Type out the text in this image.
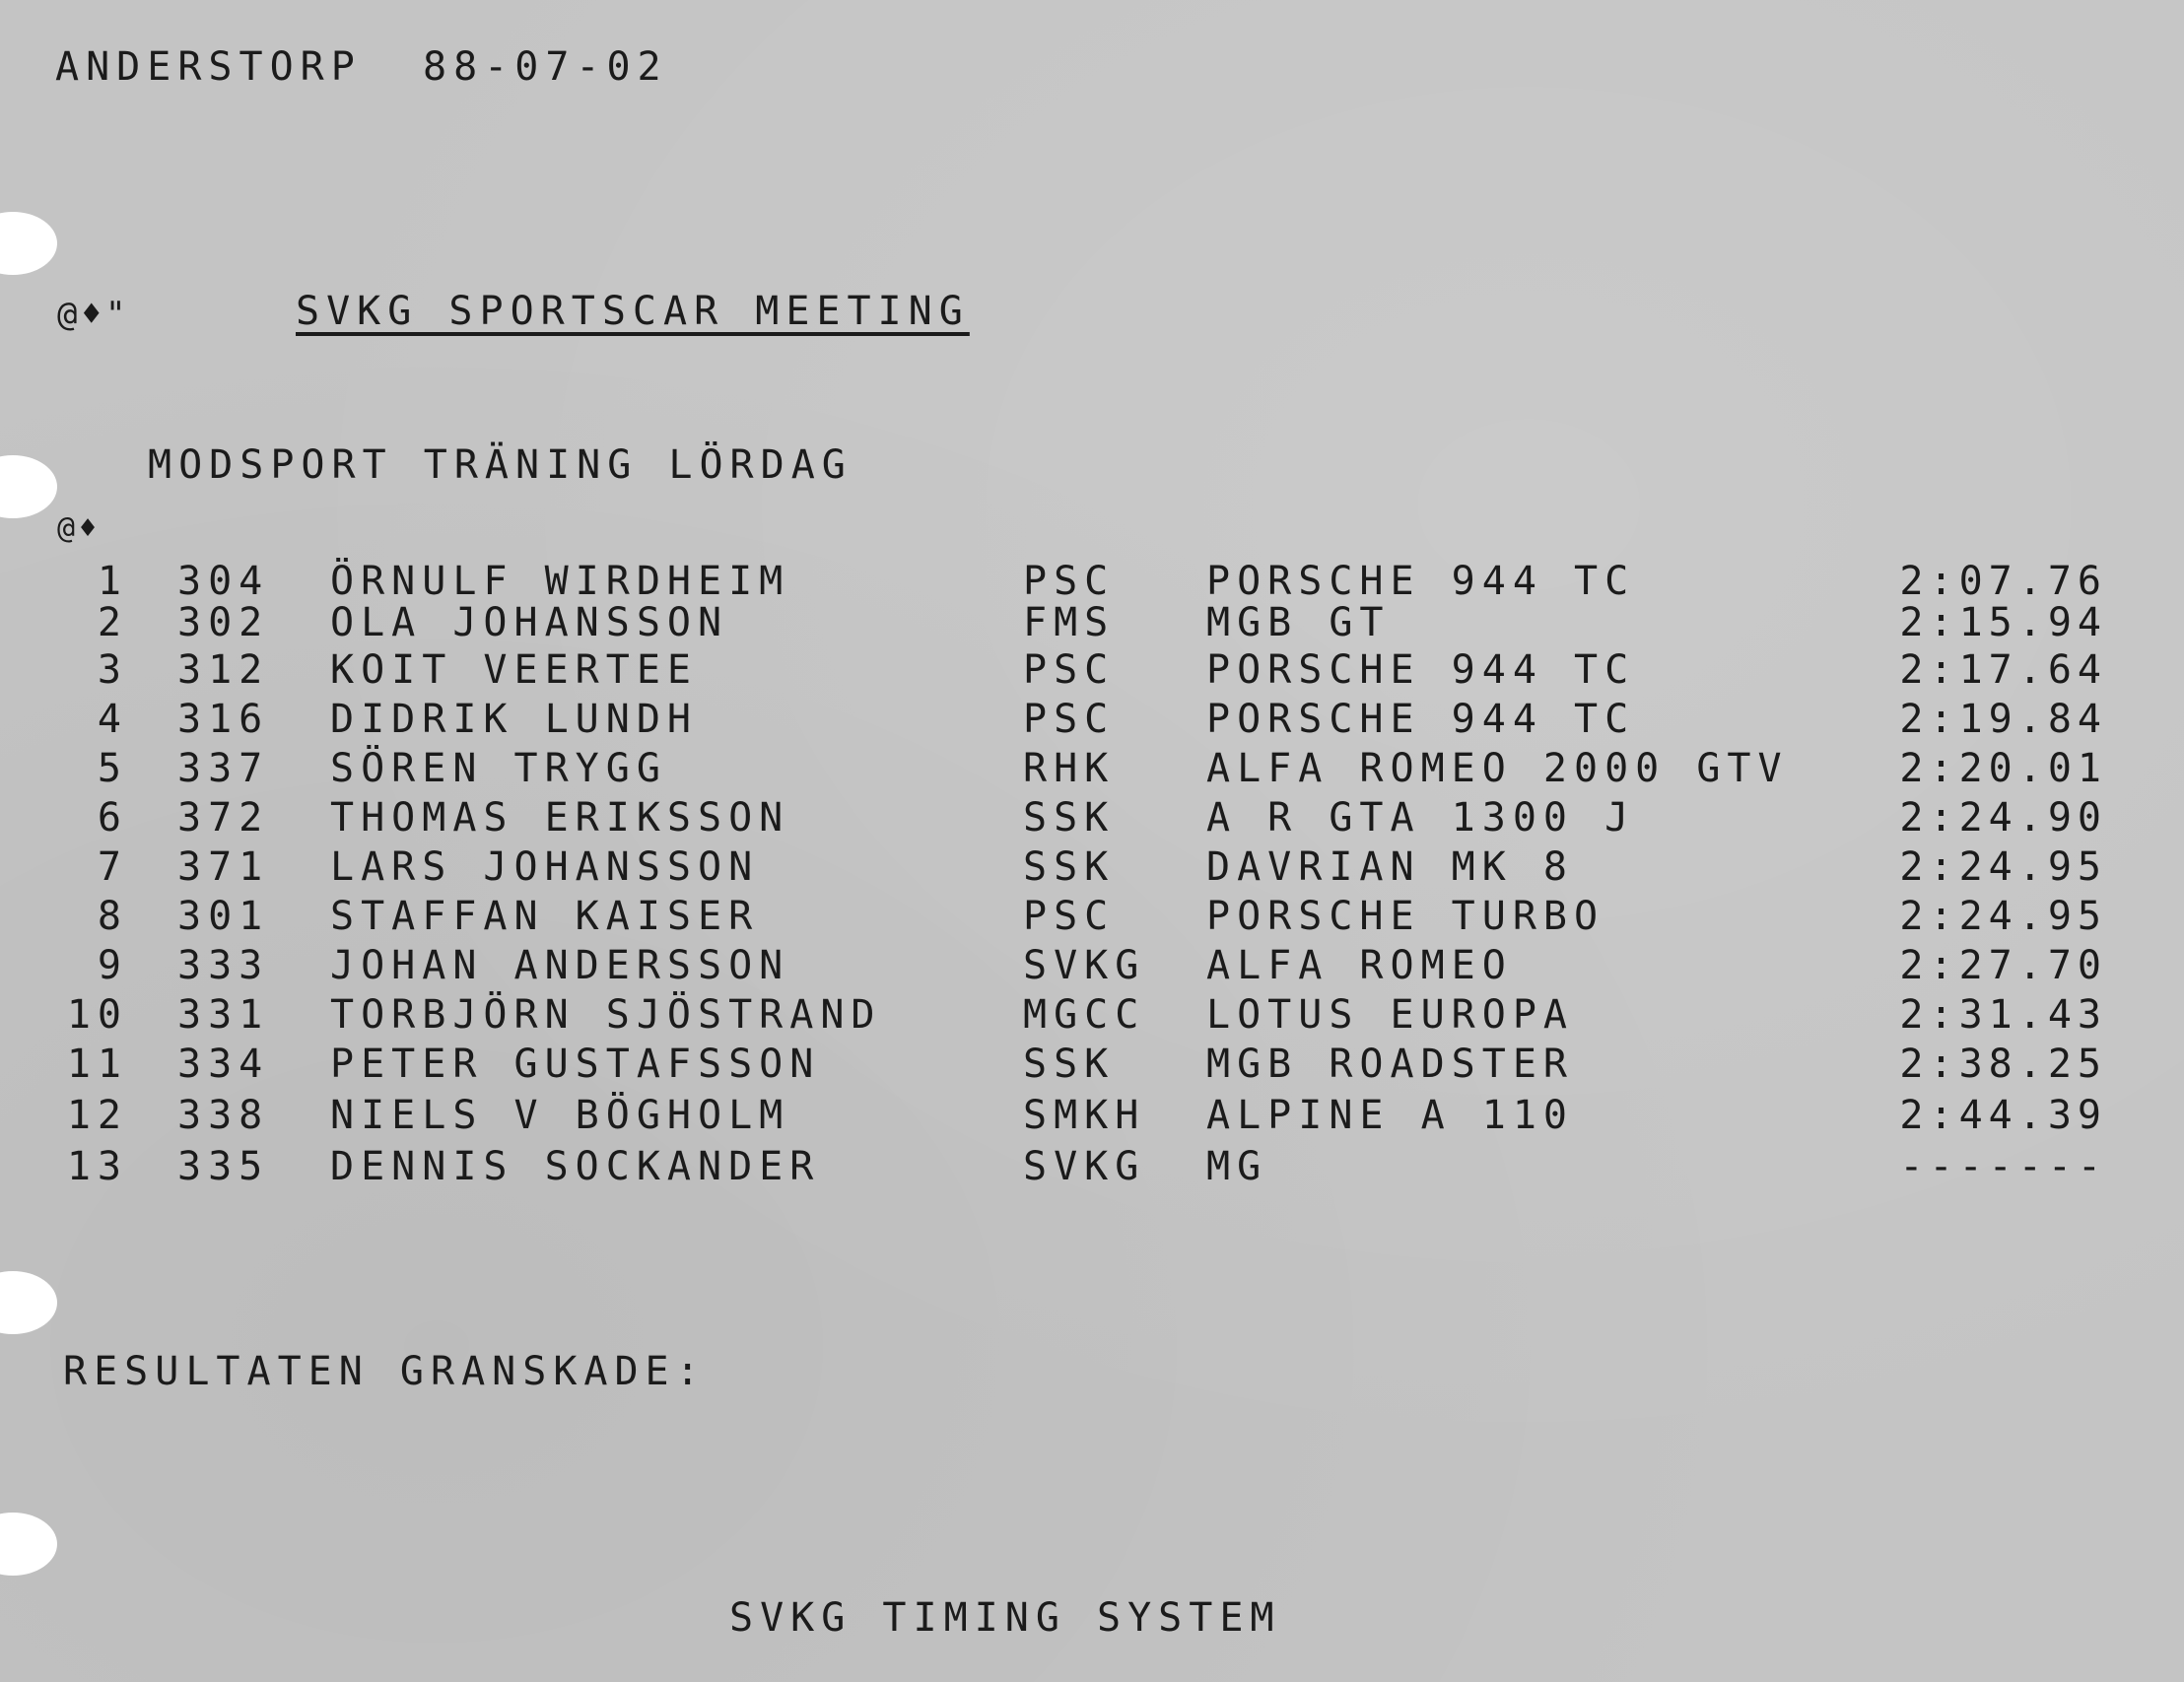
ANDERSTORP  88-07-02
@♦"	SVKG SPORTSCAR MEETING
MODSPORT TRÄNING LÖRDAG
@♦
1 304 ÖRNULF WIRDHEIM	PSC PORSCHE 944 TC	2:07.76
2 302 OLA JOHANSSON	FMS MGB GT	2:15.94
3 312 KOIT VEERTEE	PSC PORSCHE 944 TC	2:17.64
4 316 DIDRIK LUNDH	PSC PORSCHE 944 TC	2:19.84
5 337 SÖREN TRYGG	RHK ALFA ROMEO 2000 GTV	2:20.01
6 372 THOMAS ERIKSSON	SSK A R GTA 1300 J	2:24.90
7 371 LARS JOHANSSON	SSK DAVRIAN MK 8	2:24.95
8 301 STAFFAN KAISER	PSC PORSCHE TURBO	2:24.95
9 333 JOHAN ANDERSSON	SVKG ALFA ROMEO	2:27.70
10 331 TORBJÖRN SJÖSTRAND	MGCC LOTUS EUROPA	2:31.43
11 334 PETER GUSTAFSSON	SSK MGB ROADSTER	2:38.25
12 338 NIELS V BÖGHOLM	SMKH ALPINE A 110	2:44.39
13 335 DENNIS SOCKANDER	SVKG MG	-------
RESULTATEN GRANSKADE:
SVKG TIMING SYSTEM
